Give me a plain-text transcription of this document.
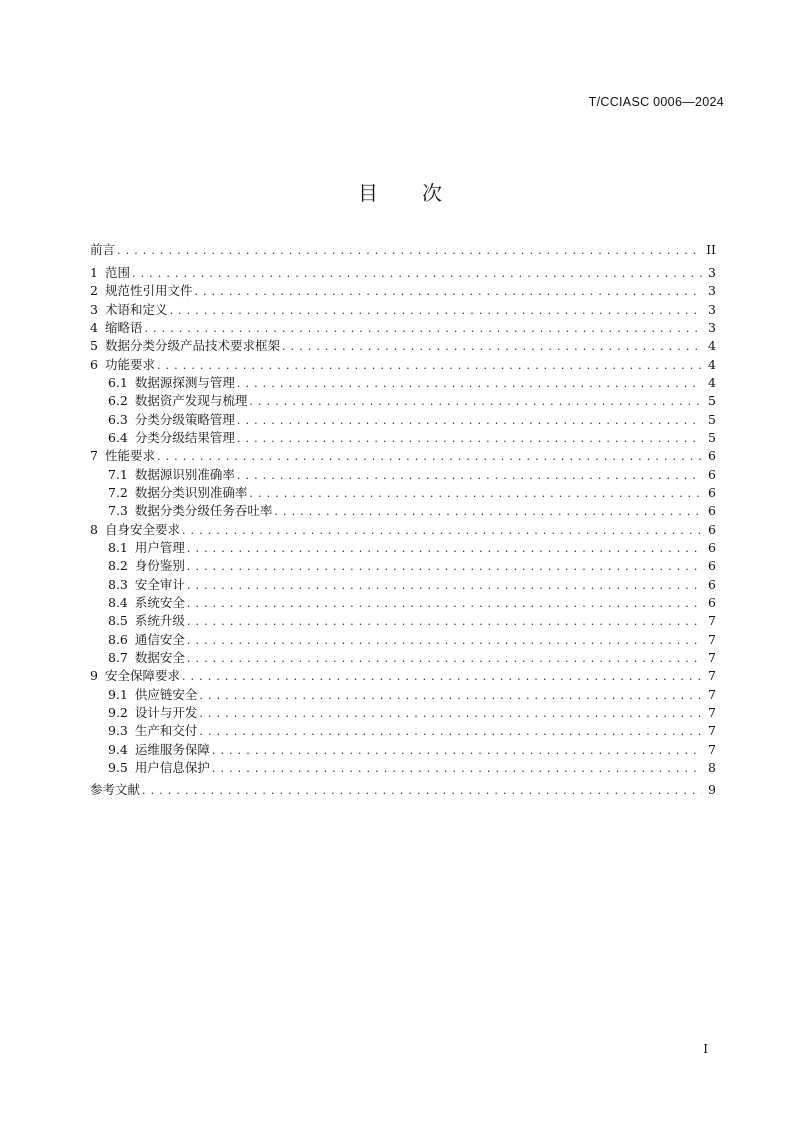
T/CCIASC 0006—2024
目 次
前言 . . .	II
1 范围 . . .	3
2 规范性引用文件 . . .	3
3 术语和定义 . . .	3
4 缩略语 . . .	3
5 数据分类分级产品技术要求框架 . . .	4
6 功能要求 . . .	4
6.1 数据源探测与管理 . . .	4
6.2 数据资产发现与梳理 . . .	5
6.3 分类分级策略管理 . . .	5
6.4 分类分级结果管理 . . .	5
7 性能要求 . . .	6
7.1 数据源识别准确率 . . .	6
7.2 数据分类识别准确率 . . .	6
7.3 数据分类分级任务吞吐率 . . .	6
8 自身安全要求 . . .	6
8.1 用户管理 . . .	6
8.2 身份鉴别 . . .	6
8.3 安全审计 . . .	6
8.4 系统安全 . . .	6
8.5 系统升级 . . .	7
8.6 通信安全 . . .	7
8.7 数据安全 . . .	7
9 安全保障要求 . . .	7
9.1 供应链安全 . . .	7
9.2 设计与开发 . . .	7
9.3 生产和交付 . . .	7
9.4 运维服务保障 . . .	7
9.5 用户信息保护 . . .	8
参考文献 . . .	9
I
